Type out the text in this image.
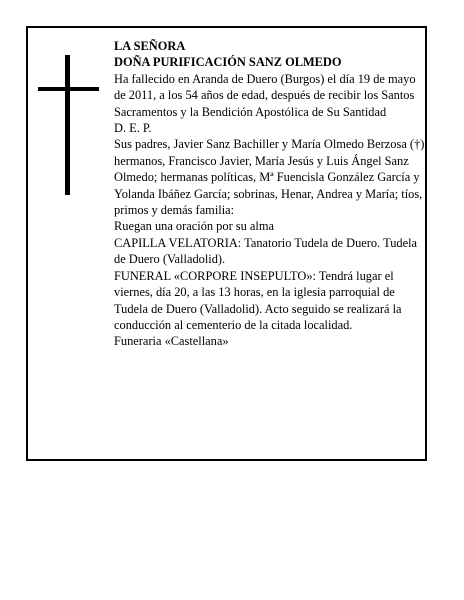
LA SEÑORA

DOÑA PURIFICACIÓN SANZ OLMEDO

Ha fallecido en Aranda de Duero (Burgos) el día 19 de mayo de 2011, a los 54 años de edad, después de recibir los Santos Sacramentos y la Bendición Apostólica de Su Santidad

D. E. P.

Sus padres, Javier Sanz Bachiller y María Olmedo Berzosa (†); hermanos, Francisco Javier, María Jesús y Luis Ángel Sanz Olmedo; hermanas políticas, Mª Fuencisla González García y Yolanda Ibáñez García; sobrinas, Henar, Andrea y María; tíos, primos y demás familia:

Ruegan una oración por su alma

CAPILLA VELATORIA: Tanatorio Tudela de Duero. Tudela de Duero (Valladolid).

FUNERAL «CORPORE INSEPULTO»: Tendrá lugar el viernes, día 20, a las 13 horas, en la iglesia parroquial de Tudela de Duero (Valladolid). Acto seguido se realizará la conducción al cementerio de la citada localidad.

Funeraria «Castellana»
